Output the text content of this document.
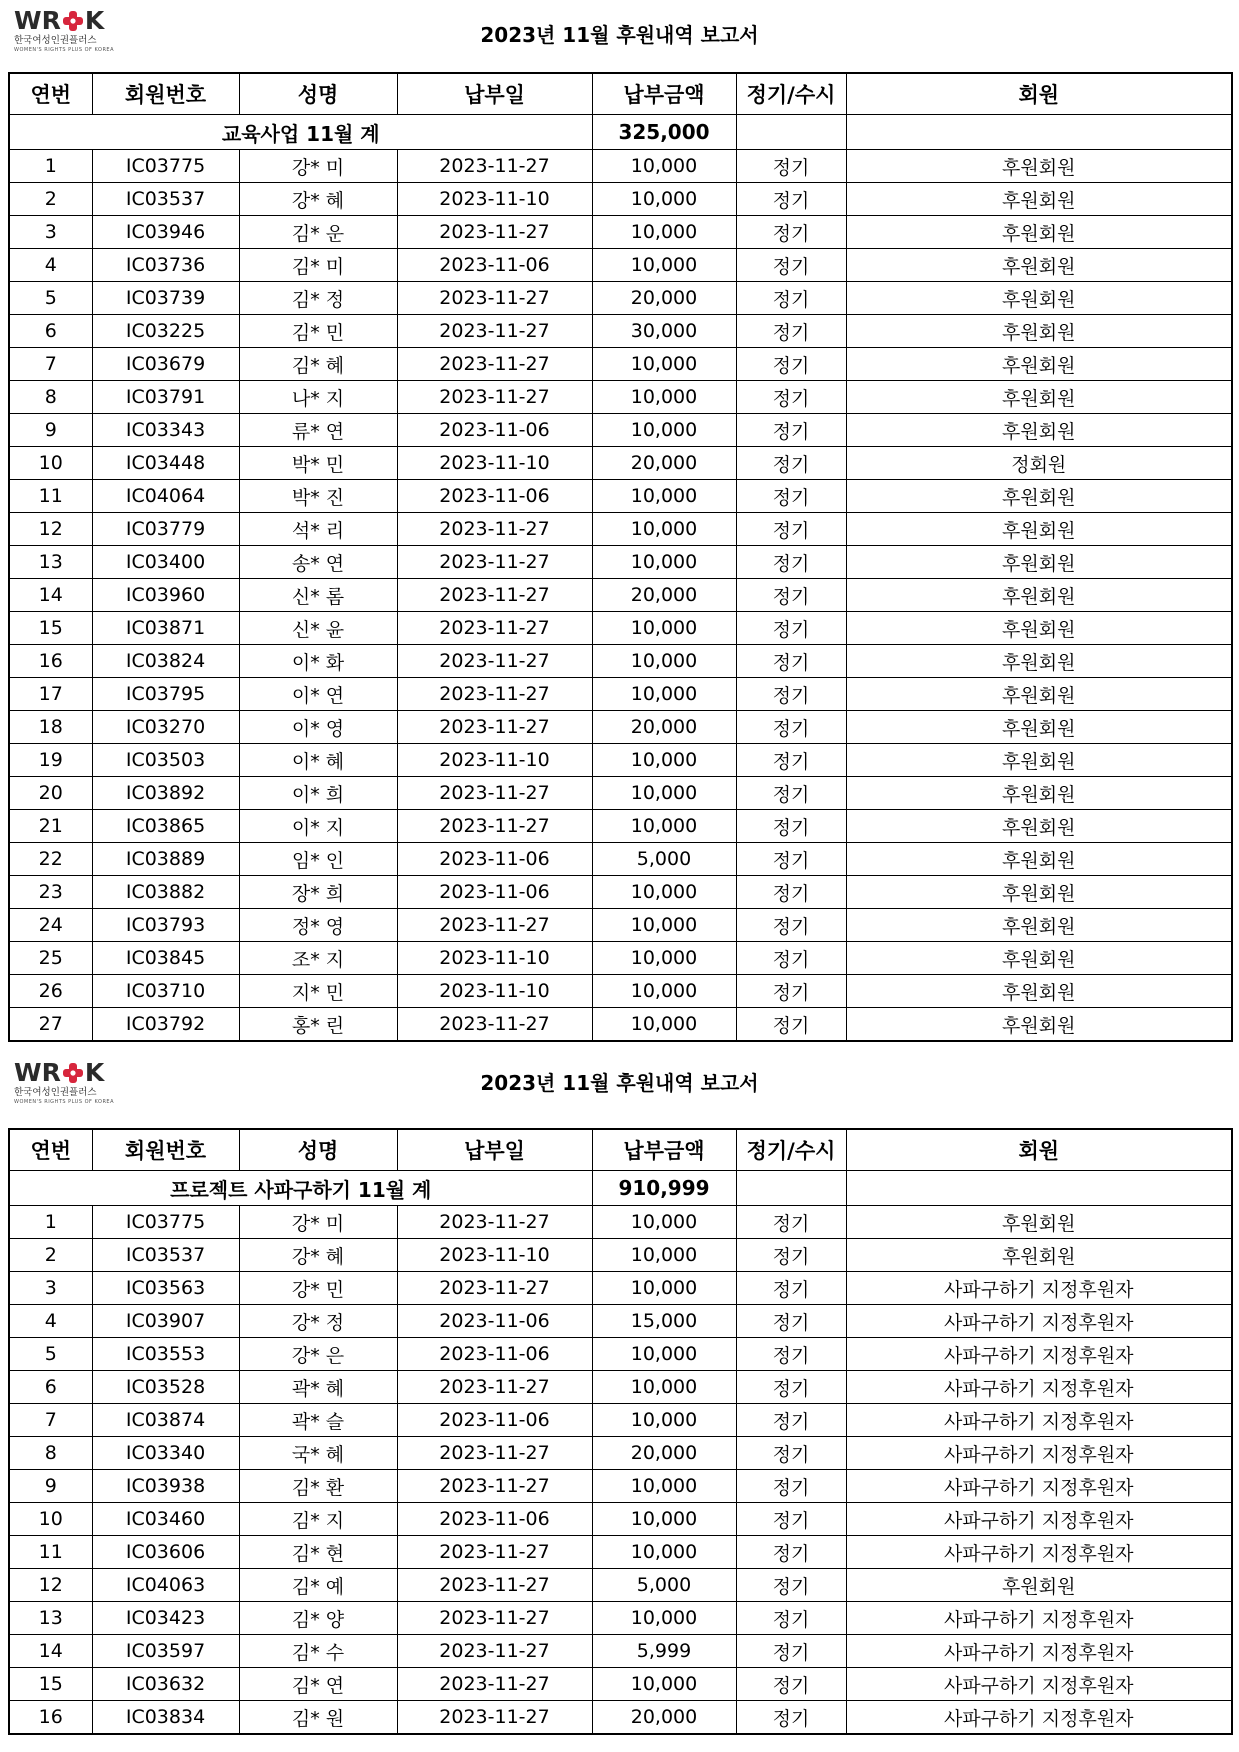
WR K
한국여성인권플러스
WOMEN'S RIGHTS PLUS OF KOREA
2023년 11월 후원내역 보고서
연번	회원번호	성명	납부일	납부금액	정기/수시	회원
교육사업 11월 계				325,000		
1	IC03775	강* 미	2023-11-27	10,000	정기	후원회원
2	IC03537	강* 혜	2023-11-10	10,000	정기	후원회원
3	IC03946	김* 운	2023-11-27	10,000	정기	후원회원
4	IC03736	김* 미	2023-11-06	10,000	정기	후원회원
5	IC03739	김* 정	2023-11-27	20,000	정기	후원회원
6	IC03225	김* 민	2023-11-27	30,000	정기	후원회원
7	IC03679	김* 혜	2023-11-27	10,000	정기	후원회원
8	IC03791	나* 지	2023-11-27	10,000	정기	후원회원
9	IC03343	류* 연	2023-11-06	10,000	정기	후원회원
10	IC03448	박* 민	2023-11-10	20,000	정기	정회원
11	IC04064	박* 진	2023-11-06	10,000	정기	후원회원
12	IC03779	석* 리	2023-11-27	10,000	정기	후원회원
13	IC03400	송* 연	2023-11-27	10,000	정기	후원회원
14	IC03960	신* 롬	2023-11-27	20,000	정기	후원회원
15	IC03871	신* 윤	2023-11-27	10,000	정기	후원회원
16	IC03824	이* 화	2023-11-27	10,000	정기	후원회원
17	IC03795	이* 연	2023-11-27	10,000	정기	후원회원
18	IC03270	이* 영	2023-11-27	20,000	정기	후원회원
19	IC03503	이* 혜	2023-11-10	10,000	정기	후원회원
20	IC03892	이* 희	2023-11-27	10,000	정기	후원회원
21	IC03865	이* 지	2023-11-27	10,000	정기	후원회원
22	IC03889	임* 인	2023-11-06	5,000	정기	후원회원
23	IC03882	장* 희	2023-11-06	10,000	정기	후원회원
24	IC03793	정* 영	2023-11-27	10,000	정기	후원회원
25	IC03845	조* 지	2023-11-10	10,000	정기	후원회원
26	IC03710	지* 민	2023-11-10	10,000	정기	후원회원
27	IC03792	홍* 린	2023-11-27	10,000	정기	후원회원
WR K
한국여성인권플러스
WOMEN'S RIGHTS PLUS OF KOREA
2023년 11월 후원내역 보고서
연번	회원번호	성명	납부일	납부금액	정기/수시	회원
프로젝트 사파구하기 11월 계				910,999		
1	IC03775	강* 미	2023-11-27	10,000	정기	후원회원
2	IC03537	강* 혜	2023-11-10	10,000	정기	후원회원
3	IC03563	강* 민	2023-11-27	10,000	정기	사파구하기 지정후원자
4	IC03907	강* 정	2023-11-06	15,000	정기	사파구하기 지정후원자
5	IC03553	강* 은	2023-11-06	10,000	정기	사파구하기 지정후원자
6	IC03528	곽* 혜	2023-11-27	10,000	정기	사파구하기 지정후원자
7	IC03874	곽* 슬	2023-11-06	10,000	정기	사파구하기 지정후원자
8	IC03340	국* 혜	2023-11-27	20,000	정기	사파구하기 지정후원자
9	IC03938	김* 환	2023-11-27	10,000	정기	사파구하기 지정후원자
10	IC03460	김* 지	2023-11-06	10,000	정기	사파구하기 지정후원자
11	IC03606	김* 현	2023-11-27	10,000	정기	사파구하기 지정후원자
12	IC04063	김* 예	2023-11-27	5,000	정기	후원회원
13	IC03423	김* 양	2023-11-27	10,000	정기	사파구하기 지정후원자
14	IC03597	김* 수	2023-11-27	5,999	정기	사파구하기 지정후원자
15	IC03632	김* 연	2023-11-27	10,000	정기	사파구하기 지정후원자
16	IC03834	김* 원	2023-11-27	20,000	정기	사파구하기 지정후원자
